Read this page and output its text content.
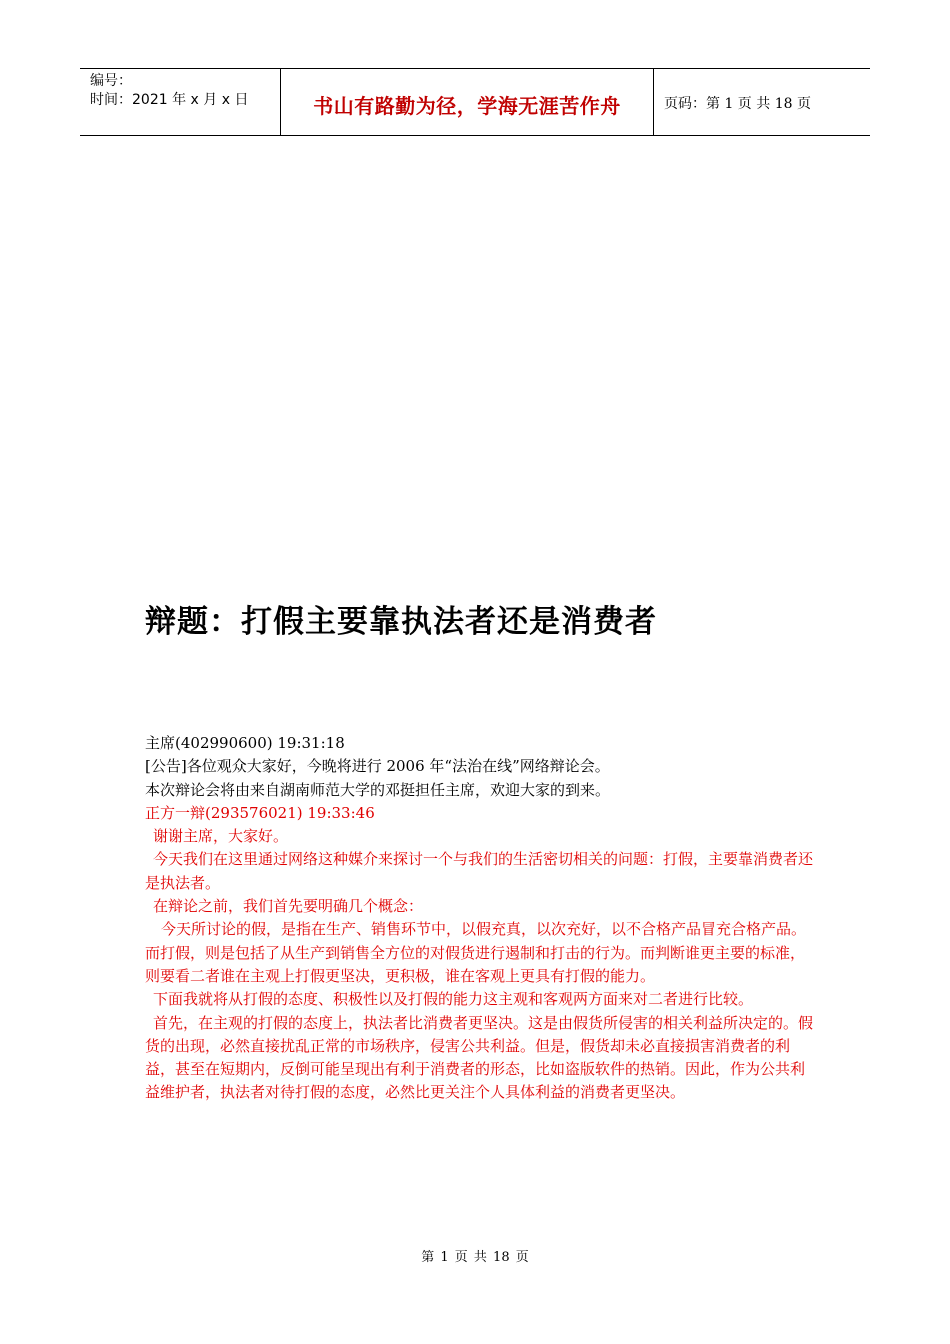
编号：
时间：2021 年 x 月 x 日	书山有路勤为径，学海无涯苦作舟	页码：第 1 页 共 18 页
辩题：打假主要靠执法者还是消费者

主席(402990600) 19:31:18

[公告]各位观众大家好，今晚将进行 2006 年“法治在线”网络辩论会。

本次辩论会将由来自湖南师范大学的邓挺担任主席，欢迎大家的到来。

正方一辩(293576021) 19:33:46

谢谢主席，大家好。

今天我们在这里通过网络这种媒介来探讨一个与我们的生活密切相关的问题：打假，主要靠消费者还是执法者。

在辩论之前，我们首先要明确几个概念：

今天所讨论的假，是指在生产、销售环节中，以假充真，以次充好，以不合格产品冒充合格产品。而打假，则是包括了从生产到销售全方位的对假货进行遏制和打击的行为。而判断谁更主要的标准，则要看二者谁在主观上打假更坚决，更积极，谁在客观上更具有打假的能力。

下面我就将从打假的态度、积极性以及打假的能力这主观和客观两方面来对二者进行比较。

首先，在主观的打假的态度上，执法者比消费者更坚决。这是由假货所侵害的相关利益所决定的。假货的出现，必然直接扰乱正常的市场秩序，侵害公共利益。但是，假货却未必直接损害消费者的利益，甚至在短期内，反倒可能呈现出有利于消费者的形态，比如盗版软件的热销。因此，作为公共利益维护者，执法者对待打假的态度，必然比更关注个人具体利益的消费者更坚决。

第 1 页 共 18 页
